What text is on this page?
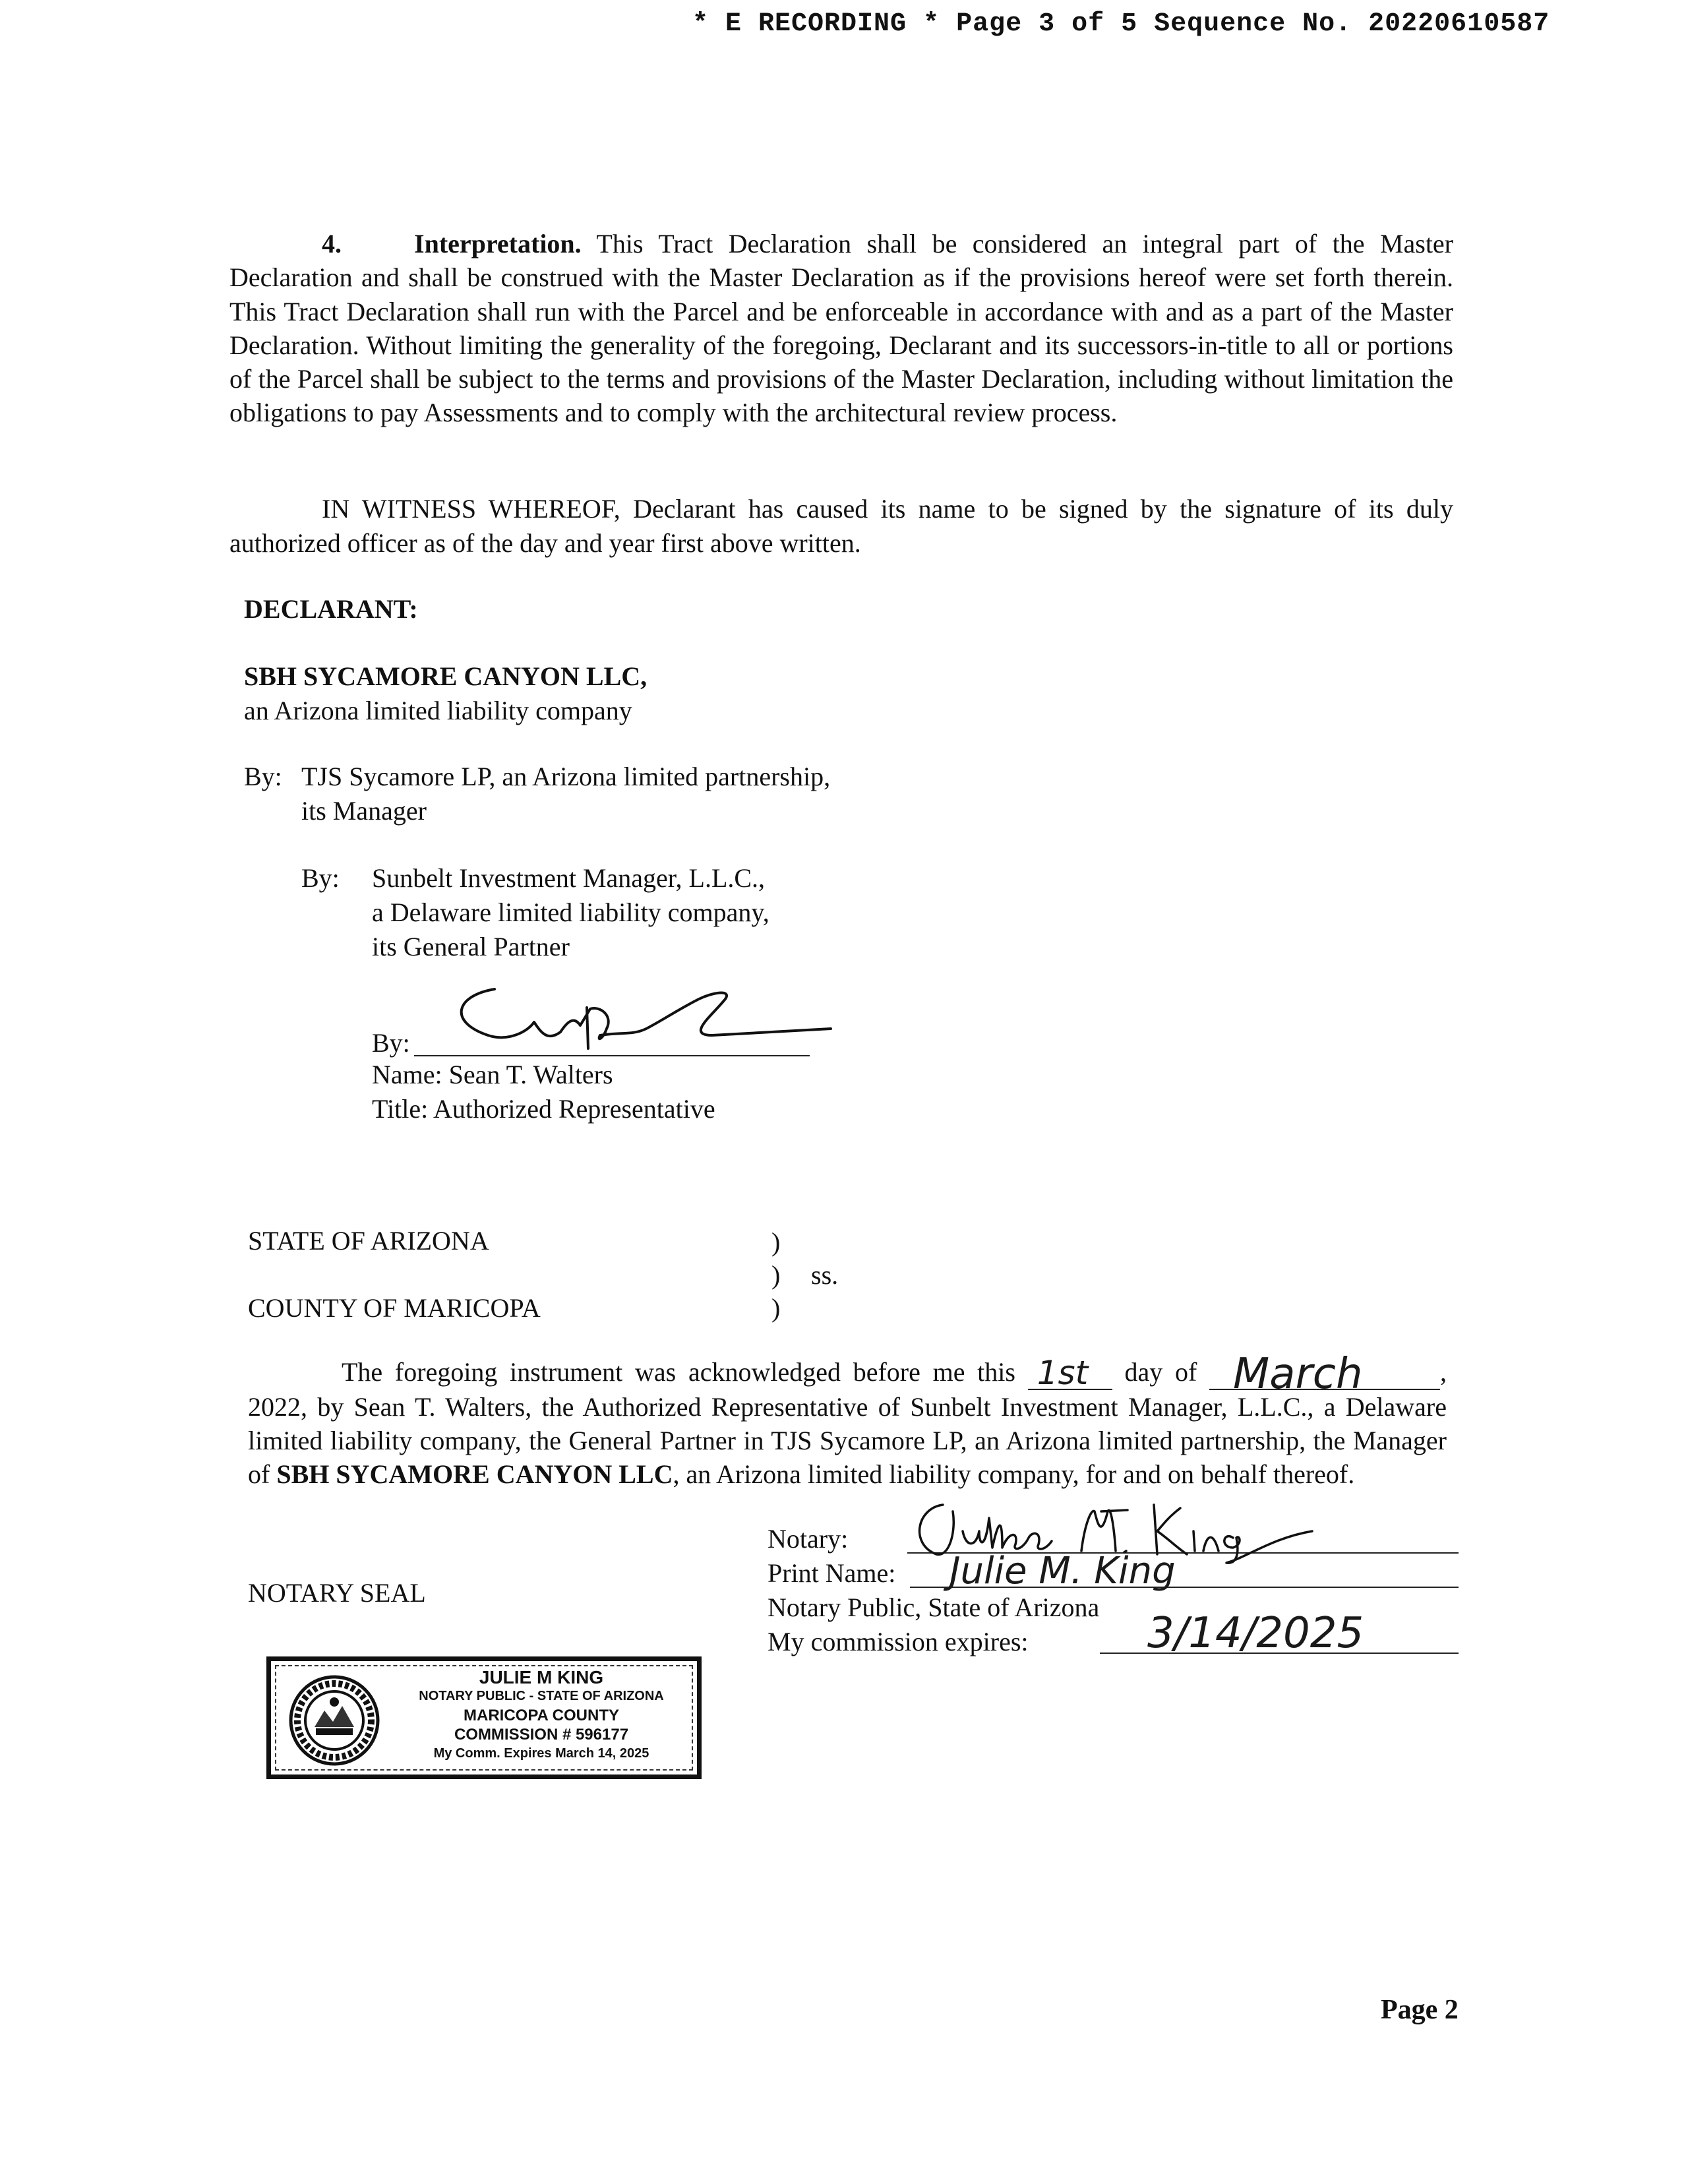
* E RECORDING * Page 3 of 5 Sequence No. 20220610587
4.	Interpretation. This Tract Declaration shall be considered an integral part of the Master Declaration and shall be construed with the Master Declaration as if the provisions hereof were set forth therein. This Tract Declaration shall run with the Parcel and be enforceable in accordance with and as a part of the Master Declaration. Without limiting the generality of the foregoing, Declarant and its successors-in-title to all or portions of the Parcel shall be subject to the terms and provisions of the Master Declaration, including without limitation the obligations to pay Assessments and to comply with the architectural review process.
IN WITNESS WHEREOF, Declarant has caused its name to be signed by the signature of its duly authorized officer as of the day and year first above written.
DECLARANT:
SBH SYCAMORE CANYON LLC,
an Arizona limited liability company
By: TJS Sycamore LP, an Arizona limited partnership,
its Manager
By: Sunbelt Investment Manager, L.L.C.,
a Delaware limited liability company,
its General Partner
By:
Name: Sean T. Walters
Title: Authorized Representative
STATE OF ARIZONA
COUNTY OF MARICOPA
)
) ss.
)
The foregoing instrument was acknowledged before me this 1st day of March	, 2022, by Sean T. Walters, the Authorized Representative of Sunbelt Investment Manager, L.L.C., a Delaware limited liability company, the General Partner in TJS Sycamore LP, an Arizona limited partnership, the Manager of SBH SYCAMORE CANYON LLC, an Arizona limited liability company, for and on behalf thereof.
Notary:
Print Name: Julie M. King
Notary Public, State of Arizona
My commission expires:	3/14/2025
NOTARY SEAL
JULIE M KING
NOTARY PUBLIC - STATE OF ARIZONA
MARICOPA COUNTY
COMMISSION # 596177
My Comm. Expires March 14, 2025
Page 2
